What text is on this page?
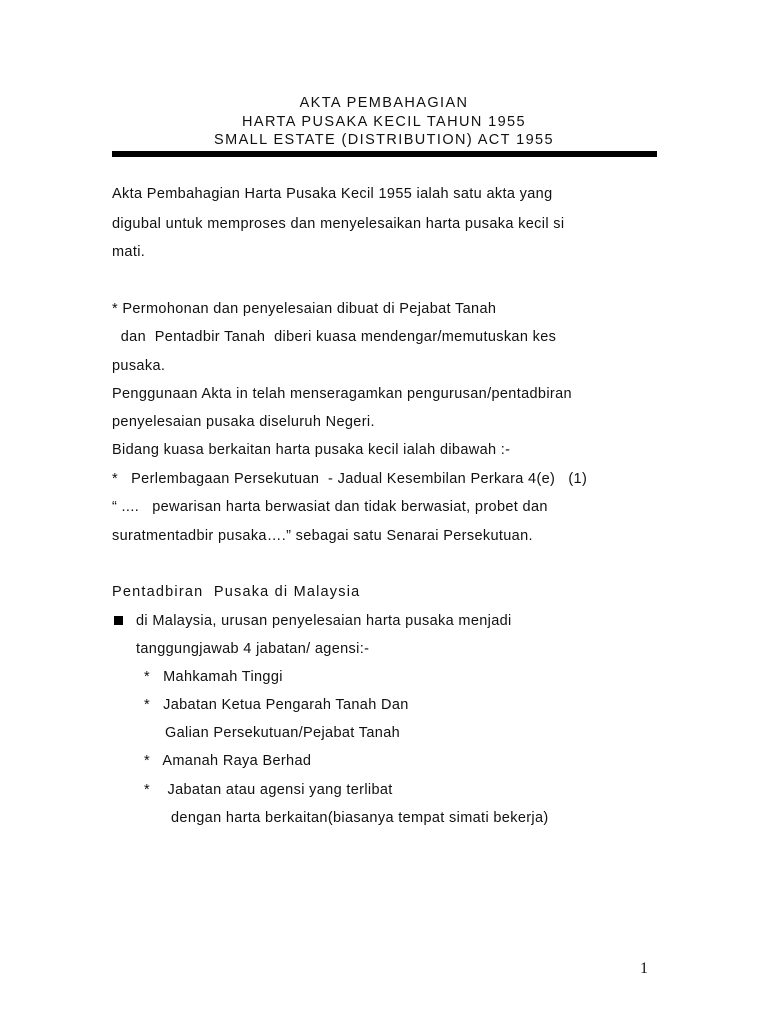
AKTA PEMBAHAGIAN
HARTA PUSAKA KECIL TAHUN 1955
SMALL ESTATE (DISTRIBUTION) ACT 1955
Akta Pembahagian Harta Pusaka Kecil 1955 ialah satu akta yang
digubal untuk memproses dan menyelesaikan harta pusaka kecil si
mati.
* Permohonan dan penyelesaian dibuat di Pejabat Tanah
dan  Pentadbir Tanah  diberi kuasa mendengar/memutuskan kes
pusaka.
Penggunaan Akta in telah menseragamkan pengurusan/pentadbiran
penyelesaian pusaka diseluruh Negeri.
Bidang kuasa berkaitan harta pusaka kecil ialah dibawah :-
*   Perlembagaan Persekutuan  - Jadual Kesembilan Perkara 4(e)   (1)
“ ....   pewarisan harta berwasiat dan tidak berwasiat, probet dan
suratmentadbir pusaka….” sebagai satu Senarai Persekutuan.
Pentadbiran  Pusaka di Malaysia
di Malaysia, urusan penyelesaian harta pusaka menjadi
tanggungjawab 4 jabatan/ agensi:-
*   Mahkamah Tinggi
*   Jabatan Ketua Pengarah Tanah Dan
Galian Persekutuan/Pejabat Tanah
*   Amanah Raya Berhad
*    Jabatan atau agensi yang terlibat
dengan harta berkaitan(biasanya tempat simati bekerja)
1
